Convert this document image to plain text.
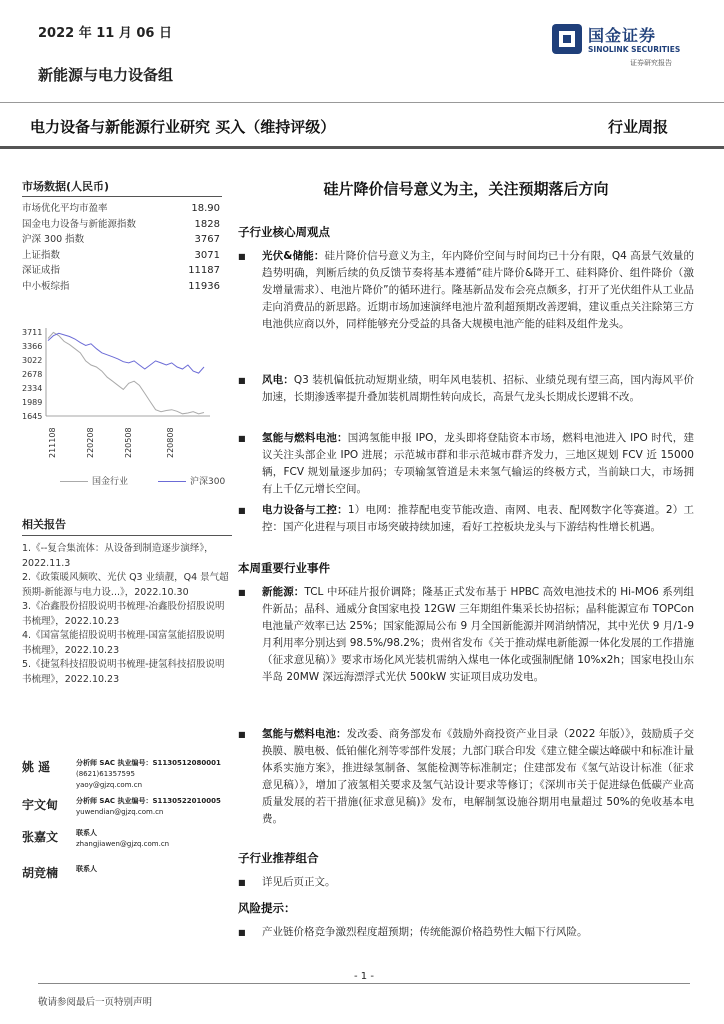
2022 年 11 月 06 日	国金证券
SINOLINK SECURITIES
证券研究报告
新能源与电力设备组
电力设备与新能源行业研究 买入（维持评级）	行业周报
市场数据(人民币)
市场优化平均市盈率	18.90
国金电力设备与新能源指数	1828
沪深 300 指数	3767
上证指数	3071
深证成指	11187
中小板综指	11936
3711
3366
3022
2678
2334
1989
1645
211108	220208	220508	220808
国金行业	沪深300
相关报告
1.《--复合集流体：从设备到制造逐步演绎》，2022.11.3
2.《政策暖风频吹、光伏 Q3 业绩靓，Q4 景气超预期-新能源与电力设...》，2022.10.30
3.《冶鑫股份招股说明书梳理-冶鑫股份招股说明书梳理》，2022.10.23
4.《国富氢能招股说明书梳理-国富氢能招股说明书梳理》，2022.10.23
5.《捷氢科技招股说明书梳理-捷氢科技招股说明书梳理》，2022.10.23
姚 遥	分析师 SAC 执业编号：S1130512080001
(8621)61357595
yaoy@gjzq.com.cn
宇文甸	分析师 SAC 执业编号：S1130522010005
yuwendian@gjzq.com.cn
张嘉文	联系人
zhangjiawen@gjzq.com.cn
胡竞楠	联系人
硅片降价信号意义为主，关注预期落后方向
子行业核心周观点
■	光伏&储能：硅片降价信号意义为主，年内降价空间与时间均已十分有限，Q4 高景气效量的趋势明确，判断后续的负反馈节奏将基本遵循“硅片降价&降开工、硅料降价、组件降价（激发增量需求）、电池片降价”的循环进行。隆基新品发布会亮点颇多，打开了光伏组件从工业品走向消费品的新思路。近期市场加速演绎电池片盈利超预期改善逻辑，建议重点关注除第三方电池供应商以外，同样能够充分受益的具备大规模电池产能的硅料及组件龙头。
■	风电：Q3 装机偏低抗动短期业绩，明年风电装机、招标、业绩兑现有望三高，国内海风平价加速，长期渗透率提升叠加装机周期性转向成长，高景气龙头长期成长逻辑不改。
■	氢能与燃料电池：国鸿氢能申报 IPO，龙头即将登陆资本市场，燃料电池进入 IPO 时代，建议关注头部企业 IPO 进展；示范城市群和非示范城市群齐发力，三地区规划 FCV 近 15000 辆，FCV 规划量逐步加码；专项输氢管道是未来氢气输运的终极方式，当前缺口大，市场拥有上千亿元增长空间。
■	电力设备与工控：1）电网：推荐配电变节能改造、南网、电表、配网数字化等赛道。2）工控：国产化进程与项目市场突破持续加速，看好工控板块龙头与下游结构性增长机遇。
本周重要行业事件
■	新能源：TCL 中环硅片报价调降；隆基正式发布基于 HPBC 高效电池技术的 Hi-MO6 系列组件新品；晶科、通威分食国家电投 12GW 三年期组件集采长协招标；晶科能源宣布 TOPCon 电池量产效率已达 25%；国家能源局公布 9 月全国新能源并网消纳情况，其中光伏 9 月/1-9 月利用率分别达到 98.5%/98.2%；贵州省发布《关于推动煤电新能源一体化发展的工作措施（征求意见稿）》要求市场化风光装机需纳入煤电一体化或强制配储 10%x2h；国家电投山东半岛 20MW 深远海漂浮式光伏 500kW 实证项目成功发电。
■	氢能与燃料电池：发改委、商务部发布《鼓励外商投资产业目录（2022 年版）》，鼓励质子交换膜、膜电极、低铂催化剂等零部件发展；九部门联合印发《建立健全碳达峰碳中和标准计量体系实施方案》，推进绿氢制备、氢能检测等标准制定；住建部发布《氢气站设计标准（征求意见稿）》，增加了液氢相关要求及氢气站设计要求等修订；《深圳市关于促进绿色低碳产业高质量发展的若干措施(征求意见稿)》发布，电解制氢设施谷期用电量超过 50%的免收基本电费。
子行业推荐组合
■	详见后页正文。
风险提示：
■	产业链价格竞争激烈程度超预期；传统能源价格趋势性大幅下行风险。
- 1 -
敬请参阅最后一页特别声明
